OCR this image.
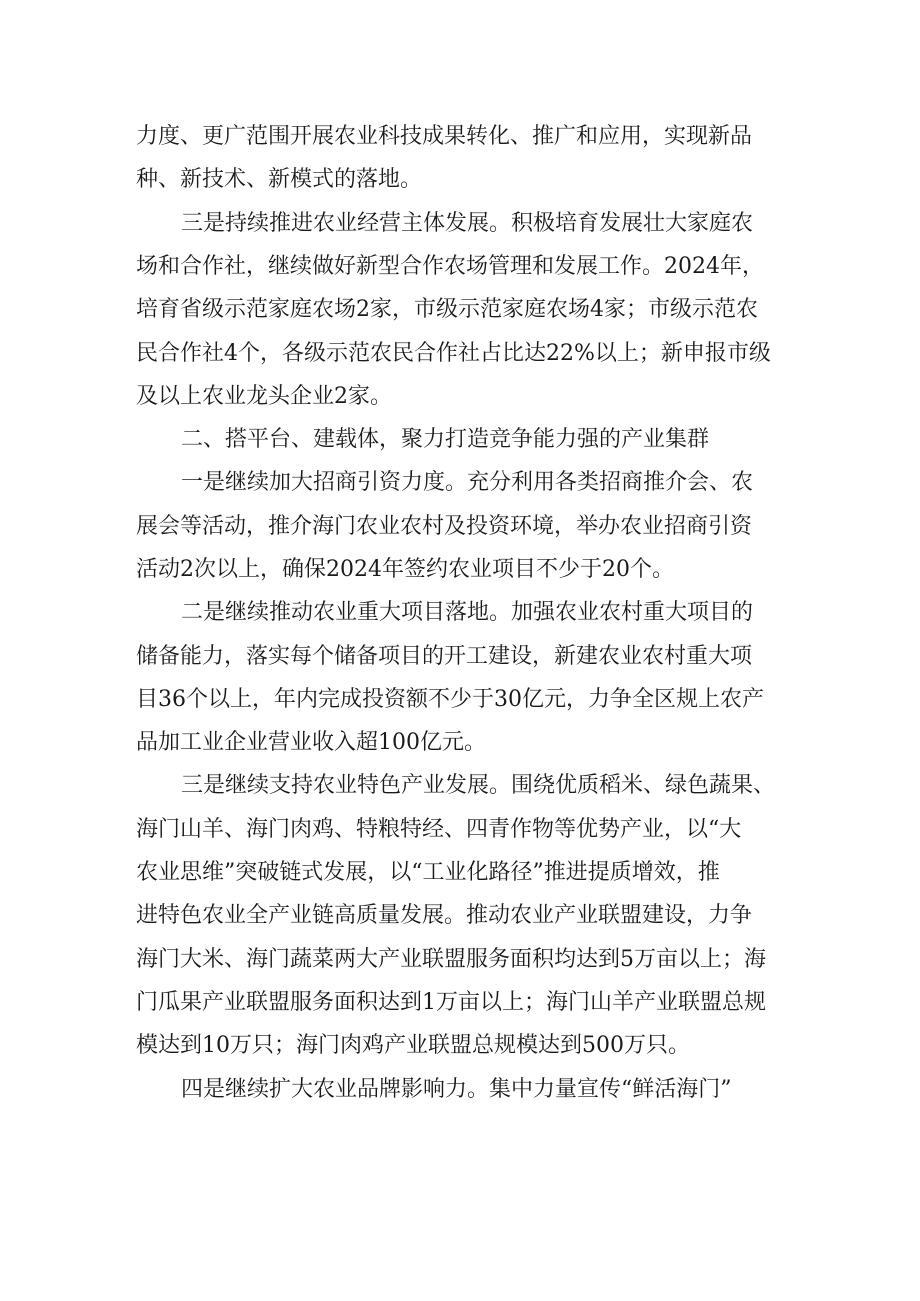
力度、更广范围开展农业科技成果转化、推广和应用，实现新品
种、新技术、新模式的落地。
三是持续推进农业经营主体发展。积极培育发展壮大家庭农
场和合作社，继续做好新型合作农场管理和发展工作。2024年，
培育省级示范家庭农场2家，市级示范家庭农场4家；市级示范农
民合作社4个，各级示范农民合作社占比达22%以上；新申报市级
及以上农业龙头企业2家。
二、搭平台、建载体，聚力打造竞争能力强的产业集群
一是继续加大招商引资力度。充分利用各类招商推介会、农
展会等活动，推介海门农业农村及投资环境，举办农业招商引资
活动2次以上，确保2024年签约农业项目不少于20个。
二是继续推动农业重大项目落地。加强农业农村重大项目的
储备能力，落实每个储备项目的开工建设，新建农业农村重大项
目36个以上，年内完成投资额不少于30亿元，力争全区规上农产
品加工业企业营业收入超100亿元。
三是继续支持农业特色产业发展。围绕优质稻米、绿色蔬果、
海门山羊、海门肉鸡、特粮特经、四青作物等优势产业，以“大
农业思维”突破链式发展，以“工业化路径”推进提质增效，推
进特色农业全产业链高质量发展。推动农业产业联盟建设，力争
海门大米、海门蔬菜两大产业联盟服务面积均达到5万亩以上；海
门瓜果产业联盟服务面积达到1万亩以上；海门山羊产业联盟总规
模达到10万只；海门肉鸡产业联盟总规模达到500万只。
四是继续扩大农业品牌影响力。集中力量宣传“鲜活海门”
